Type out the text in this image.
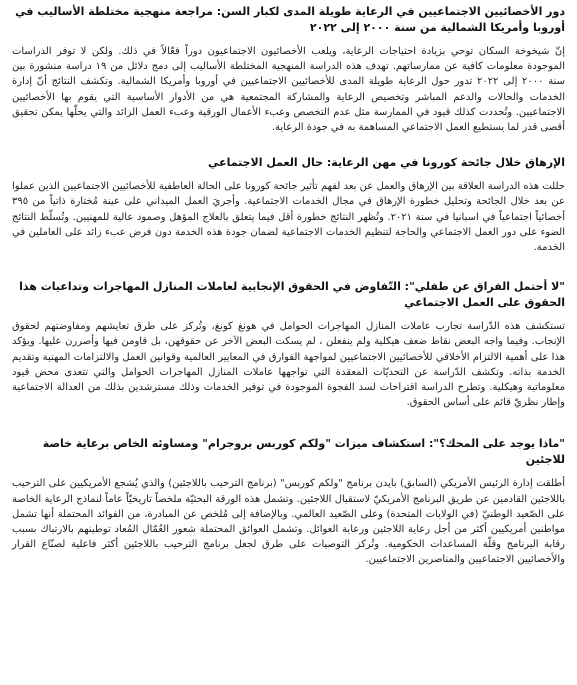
دور الأخصائيين الاجتماعيين في الرعاية طويلة المدى لكبار السن: مراجعة منهجية مختلطة الأساليب في أوروبا وأمريكا الشمالية من سنة ٢٠٠٠ إلى ٢٠٢٢

إنّ شيخوخة السكان توحي بزيادة احتياجات الرعاية، ويلعب الأخصائيون الاجتماعيون دوراً فعّالاً في ذلك. ولكن لا توفر الدراسات الموجودة معلومات كافية عن ممارساتهم. تهدف هذه الدراسة المنهجية المختلطة الأساليب إلى دمج دلائل من ١٩ دراسة منشورة بين سنة ٢٠٠٠ إلى ٢٠٢٢ تدور حول الرعاية طويلة المدى للأخصائيين الاجتماعيين في أوروبا وأمريكا الشمالية. وتكشف النتائج أنّ إدارة الخدمات والحالات والدعم المباشر وتخصيص الرعاية والمشاركة المجتمعية هي من الأدوار الأساسية التي يقوم بها الأخصائيين الاجتماعيين. وتُحددت كذلك قيود في الممارسة مثل عدم التخصص وعبء الأعمال الورقية وعبء العمل الزائد والتي يحلّها يمكن تحقيق أقصى قدر لما يستطيع العمل الاجتماعي المساهمة به في جودة الرعاية.

الإرهاق خلال جائحة كورونا في مهن الرعاية: حال العمل الاجتماعي

حللت هذه الدراسة العلاقة بين الإرهاق والعمل عن بعد لفهم تأثير جائحة كورونا على الحالة العاطفية للأخصائيين الاجتماعيين الذين عملوا عن بعد خلال الجائحة وتحليل خطورة الإرهاق في مجال الخدمات الاجتماعية. وأجريَ العمل الميداني على عينة مُختارة ذاتياً من ٣٩٥ أخصائياً اجتماعياً في اسبانيا في سنة ٢٠٢١. وتُظهر النتائج خطورة أقل فيما يتعلق بالعلاج المؤهل وصمود عالية للمهنيين. وتُسلّط النتائج الضوء على دور العمل الاجتماعي والحاجة لتنظيم الخدمات الاجتماعية لضمان جودة هذه الخدمة دون فرض عبء زائد على العاملين في الخدمة.

"لا أحتمل الفراق عن طفلي": التّفاوض في الحقوق الإنجابية لعاملات المنازل المهاجرات وتداعيات هذا الحقوق على العمل الاجتماعي

تستكشف هذه الدّراسة تجارب عاملات المنازل المهاجرات الحوامل في هونغ كونغ، وتُركز على طرق تعايشهم ومفاوضتهم لحقوق الإنجاب. وفيما واجه البعض نقاط ضعف هيكلية ولم ينفعلن ، لم يسكت البعض الآخر عن حقوقهن، بل قاومن فيها وأصررن عليها. ويؤكد هذا على أهمية الالتزام الأخلاقي للأخصائيين الاجتماعيين لمواجهة الفوارق في المعايير العالمية وقوانين العمل والالتزامات المهنية وتقديم الخدمة بذاته. وتكشف الدّراسة عن التحديّات المعقدة التي تواجهها عاملات المنازل المهاجرات الحوامل والتي تتعدى محض قيود معلوماتية وهيكلية. وتطرح الدراسة اقتراحات لسد الفجوة الموجودة في توفير الخدمات وذلك مسترشدين بذلك من العدالة الاجتماعية وإطار نظريّ قائم على أساس الحقوق.

"ماذا يوجد على المحك؟": استكشاف ميزات "ولكم كوربس بروجرام" ومساوئه الخاص برعاية خاصة للاجئين

أطلقت إدارة الرئيس الأمريكي (السابق) بايدن برنامج "ولكم كوربس" (برنامج الترحيب باللاجئين) والذي يُشجع الأمريكيين على الترحيب باللاجئين القادمين عن طريق البرنامج الأمريكيّ لاستقبال اللاجئين. وتشمل هذه الورقة البحثيّة ملخصاً تاريخيّاً عاماً لنماذج الرعاية الخاصة على الصّعيد الوطنيّ (في الولايات المتحدة) وعلى الصّعيد العالمي. وبالإضافة إلى مُلخص عن المبادرة، من الفوائد المحتملة أنها تشمل مواطنين أمريكيين أكثر من أجل رعاية اللاجئين ورعاية العوائل. وتشمل العوائق المحتملة شعور العُمّال المُعاد توطينهم بالارتباك بسبب رقابة البرنامج وقلّة المساعدات الحكومية. وتُركز التوصيات على طرق لجعل برنامج الترحيب باللاجئين أكثر فاعلية لصنّاع القرار والأخصائيين الاجتماعيين والمناصرين الاجتماعيين.
